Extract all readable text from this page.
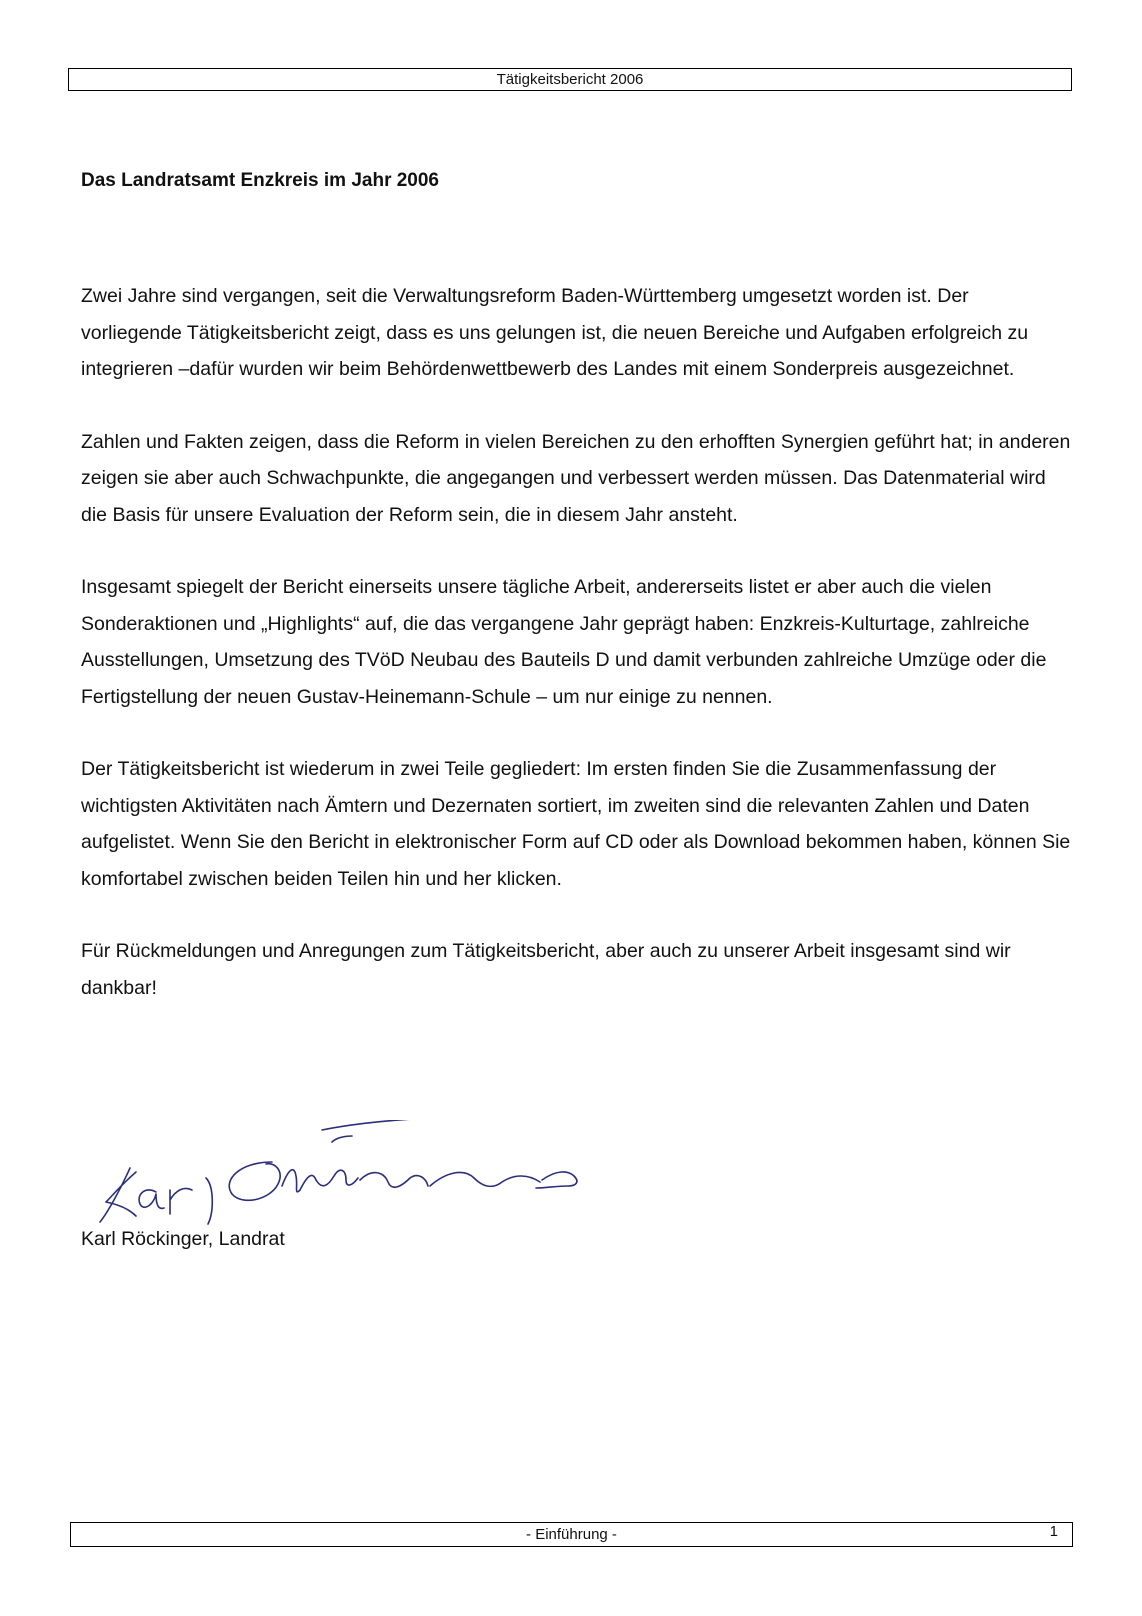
Tätigkeitsbericht 2006
Das Landratsamt Enzkreis im Jahr 2006

Zwei Jahre sind vergangen, seit die Verwaltungsreform Baden-Württemberg umgesetzt worden ist. Der vorliegende Tätigkeitsbericht zeigt, dass es uns gelungen ist, die neuen Bereiche und Aufgaben erfolgreich zu integrieren –dafür wurden wir beim Behördenwettbewerb des Landes mit einem Sonderpreis ausgezeichnet.

Zahlen und Fakten zeigen, dass die Reform in vielen Bereichen zu den erhofften Synergien geführt hat; in anderen zeigen sie aber auch Schwachpunkte, die angegangen und verbessert werden müssen. Das Datenmaterial wird die Basis für unsere Evaluation der Reform sein, die in diesem Jahr ansteht.

Insgesamt spiegelt der Bericht einerseits unsere tägliche Arbeit, andererseits listet er aber auch die vielen Sonderaktionen und „Highlights“ auf, die das vergangene Jahr geprägt haben: Enzkreis-Kulturtage, zahlreiche Ausstellungen, Umsetzung des TVöD Neubau des Bauteils D und damit verbunden zahlreiche Umzüge oder die Fertigstellung der neuen Gustav-Heinemann-Schule – um nur einige zu nennen.

Der Tätigkeitsbericht ist wiederum in zwei Teile gegliedert: Im ersten finden Sie die Zusammenfassung der wichtigsten Aktivitäten nach Ämtern und Dezernaten sortiert, im zweiten sind die relevanten Zahlen und Daten aufgelistet. Wenn Sie den Bericht in elektronischer Form auf CD oder als Download bekommen haben, können Sie komfortabel zwischen beiden Teilen hin und her klicken.

Für Rückmeldungen und Anregungen zum Tätigkeitsbericht, aber auch zu unserer Arbeit insgesamt sind wir dankbar!

Karl Röckinger, Landrat

- Einführung -	1
